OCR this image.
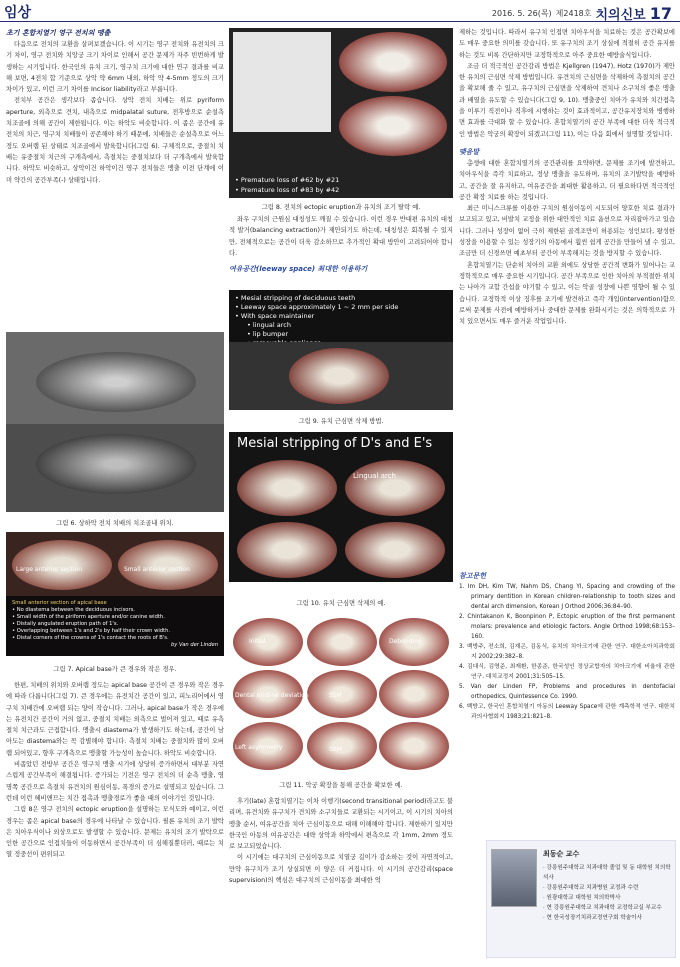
임상	2016. 5. 26(목) 제2418호 치의신보 17
초기 혼합치열기 영구 전치의 맹출

다음으로 전치의 교환을 살펴보겠습니다. 이 시기는 영구 전치와 유전치의 크기 차이, 영구 전치와 치앙궁 크기 차이로 인해서 공간 문제가 자주 빈번하게 발생하는 시기입니다. 한국인의 유치 크기, 영구치 크기에 대한 연구 결과를 비교해 보면, 4전치 합 기준으로 상악 약 6mm 내외, 하악 약 4-5mm 정도의 크기 차이가 있고, 이런 크기 차이를 Incisor liability라고 부릅니다.

전치부 공간은 생각보다 좁습니다. 상악 전치 치배는 위로 pyriform aperture, 외측으로 견치, 내측으로 midpalatal suture, 전후방으로 순설측 치조골에 의해 공간이 제한됩니다. 이는 하악도 비슷합니다. 이 좁은 공간에 유전치의 치근, 영구치 치배들이 공존해야 하기 때문에, 치배들은 순설측으로 어느 정도 오버랩 된 상태로 치조골에서 발육합니다(그림 6). 구체적으로, 중절치 치배는 유중절치 치근의 구개측에서, 측절치는 중절치보다 더 구개측에서 발육합니다. 하악도 비슷하고, 상악이건 하악이건 영구 전치들은 맹출 이전 단계에 이미 약간의 공간부족(-) 상태입니다.

그림 6. 상하악 전치 치배의 치조골내 위치.
Large anterior section	Small anterior section
Small anterior section of apical base
• No diastema between the deciduous incisors.
• Small width of the piriform aperture and/or canine width.
• Distally angulated eruption path of 1's.
• Overlapping between 1's and 2's by half their crown width.
• Distal corners of the crowns of 1's contact the roots of B's.
by Van der Linden
그림 7. Apical base가 큰 경우와 작은 경우.

한편, 치배의 위치와 오버랩 정도는 apical base 공간이 큰 경우와 작은 경우에 따라 다릅니다(그림 7). 큰 경우에는 유전치간 공간이 있고, 피노리어에서 영구치 치배간에 오버랩 되는 양이 작습니다. 그러나, apical base가 작은 경우에는 유전치간 공간이 거의 없고, 중절치 치배는 외측으로 벌어져 있고, 때로 유측절치 치근과도 근접합니다. 맹출시 diastema가 발생하기도 하는데, 공간이 남아도는 diastema와는 꼭 감별해야 합니다. 측절치 치배는 중절치와 많이 오버랩 되어있고, 향후 구개측으로 맹출할 가능성이 높습니다. 하악도 비슷합니다.

비좁았던 전방부 공간은 영구치 맹출 시기에 상당히 증가하면서 대부분 자연스럽게 공간부족이 해결됩니다. 증가되는 기전은 영구 전치의 더 순측 맹출, 영명쪽 공간으로 측절치 유견치의 원심이동, 폭경의 증가로 설명되고 있습니다. 그런데 이런 혜비앤므는 치간 접촉과 맹출경로가 좋을 때의 이야기인 것입니다.

그림 8은 영구 전치의 ectopic eruption을 설명하는 모식도와 예이고, 이런 경우는 좁은 apical base의 경우에 나타날 수 있습니다. 필론 유치의 조기 발탁은 치아우식이나 외상으로도 발생할 수 있습니다. 문제는 유치의 조기 발탁으로 인한 공간으로 인접치들이 이동하면서 공간부족이 더 심해질뿐더러, 때로는 치열 정중선이 편위되고

• Premature loss of #62 by #21
• Premature loss of #83 by #42
그림 8. 전치의 ectopic eruption과 유치의 조기 탈락 예.

좌우 구치의 근원심 대칭성도 깨질 수 있습니다. 이런 경우 반대편 유치의 대칭적 발거(balancing extraction)가 제안되기도 하는데, 대칭성은 회복될 수 있지만, 전체적으로는 공간이 더욱 감소하므로 추가적인 확대 방안이 고려되어야 합니다.

여유공간(leeway space) 최대한 이용하기
• Mesial stripping of deciduous teeth
• Leeway space approximately 1 ~ 2 mm per side
• With space maintainer
• lingual arch
• lip bumper
그림 9. 유치 근심면 삭제 방법.
Mesial stripping of D's and E's
Lingual arch
그림 10. 유치 근심면 삭제의 예.
Initial	Debonding
Dental midline deviation
Left asymmetry
SSM
SBM
그림 11. 악궁 확장을 통해 공간을 확보한 예.

후기(late) 혼합치열기는 이차 이행기(second transitional period)라고도 불리며, 유견치와 유구치가 견치와 소구치들로 교환되는 시기이고, 이 시기의 치아의 맹출 순서, 여유공간을 치아 근심이동으로 대해 이해해야 합니다. 제한하기 있지만 한국인 아동의 여유공간은 대략 상악과 하악에서 편측으로 각 1mm, 2mm 정도로 보고되었습니다.

이 시기에는 대구치의 근심이동으로 치열궁 길이가 감소하는 것이 자연적이고, 만약 유구치가 조기 상실되면 이 양은 더 커집니다. 이 시기의 공간감리(space supervision)의 핵심은 대구치의 근심이동을 최대한 억

제하는 것입니다. 따라서 유구치 인접면 치아우식을 치료하는 것은 공간확보에도 매우 중요한 의미를 갖습니다. 또 유구치의 조기 상실에 적절히 공간 유지를 하는 것도 비록 간단하지만 교정학적으로 아주 중요한 예방술식입니다.

조금 더 적극적인 공간감리 방법은 Kjellgren (1947), Hotz (1970)가 제안한 유치의 근심면 삭제 방법입니다. 유견치의 근심면을 삭제하여 측절치의 공간을 확보해 줄 수 있고, 유구치의 근심면을 삭제하여 견치나 소구치의 좋은 맹출과 배열을 유도할 수 있습니다(그림 9, 10). 맹출중인 치아가 유치와 치간접촉을 이루기 직전이나 직후에 시행하는 것이 효과적이고, 공간유지장치와 병행하면 효과를 극대화 할 수 있습니다. 혼합치열기의 공간 부족에 대한 더욱 적극적인 방법은 악궁의 확장이 되겠고(그림 11), 이는 다음 회에서 설명할 것입니다.

맺음말

총생에 대한 혼합치열기의 공간관리를 요약하면, 문제를 조기에 발견하고, 치아우식을 즉각 치료하고, 정상 맹출을 유도하며, 유치의 조기발탁을 예방하고, 공간을 잘 유지하고, 여유공간을 최대한 활용하고, 더 필요하다면 적극적인 공간 확장 치료를 하는 것입니다.

최근 미니스크류를 이용한 구치의 원심이동이 시도되어 양호한 치료 결과가 보고되고 있고, 비발치 교정을 위한 대안적인 치료 옵션으로 자리잡아가고 있습니다. 그러나 성장이 없어 극히 제한된 골격조만이 허용되는 성인보다, 왕성한 성장을 이용할 수 있는 성장기의 아동에서 훨씬 쉽게 공간을 만들어 낼 수 있고, 조금만 더 신경쓰면 예초부터 공간이 부족해지는 것을 방지할 수 있습니다.

혼합치열기는 단순히 치아의 교환 외에도 상당한 공간적 변화가 일어나는 교정학적으로 매우 중요한 시기입니다. 공간 부족으로 인한 치아의 부적절한 위치는 나아가 교합 간섭을 야기할 수 있고, 이는 악골 성장에 나쁜 영향이 될 수 있습니다. 교정학적 이상 징후를 조기에 발견하고 즉각 개입(intervention)함으로써 문제를 사전에 예방하거나 중대한 문제를 완화시키는 것은 의학적으로 가치 있으면서도 매우 즐거운 작업입니다.

참고문헌
1. Im DH, Kim TW, Nahm DS, Chang YI, Spacing and crowding of the primary dentition in Korean children-relationship to tooth sizes and dental arch dimension, Korean J Orthod 2006;36:84–90.
2. Chintakanon K, Boonpinon P, Ectopic eruption of the first permanent molars: prevalence and etiologic factors. Angle Orthod 1998;68:153–160.
3. 백방주, 전소희, 김재곤, 김동식, 유치의 치아크기에 관한 연구. 대한소아치과학회지 2002;29:382–8.
4. 김대식, 김영준, 최재환, 한종준, 한국성인 정상교합자의 치아크기에 비율에 관한 연구. 대치교정지 2001;31:505–15.
5. Van der Linden FP, Problems and procedures in dentofacial orthopedics, Quintessence Co. 1990.
6. 백방고, 한국인 혼합치열기 아동의 Leeway Space에 관한 계측학적 연구. 대한치과의사협회지 1983;21:821–8.
최동순 교수
· 강릉원주대학교 치과대학 졸업 및 동 대학원 치의학석사
· 강릉원주대학교 치과병원 교정과 수련
· 원광대학교 대학원 치의학박사
· 현 강릉원주대학교 치과대학 교정학교실 부교수
· 현 한국성장기치과교정연구회 학술이사
